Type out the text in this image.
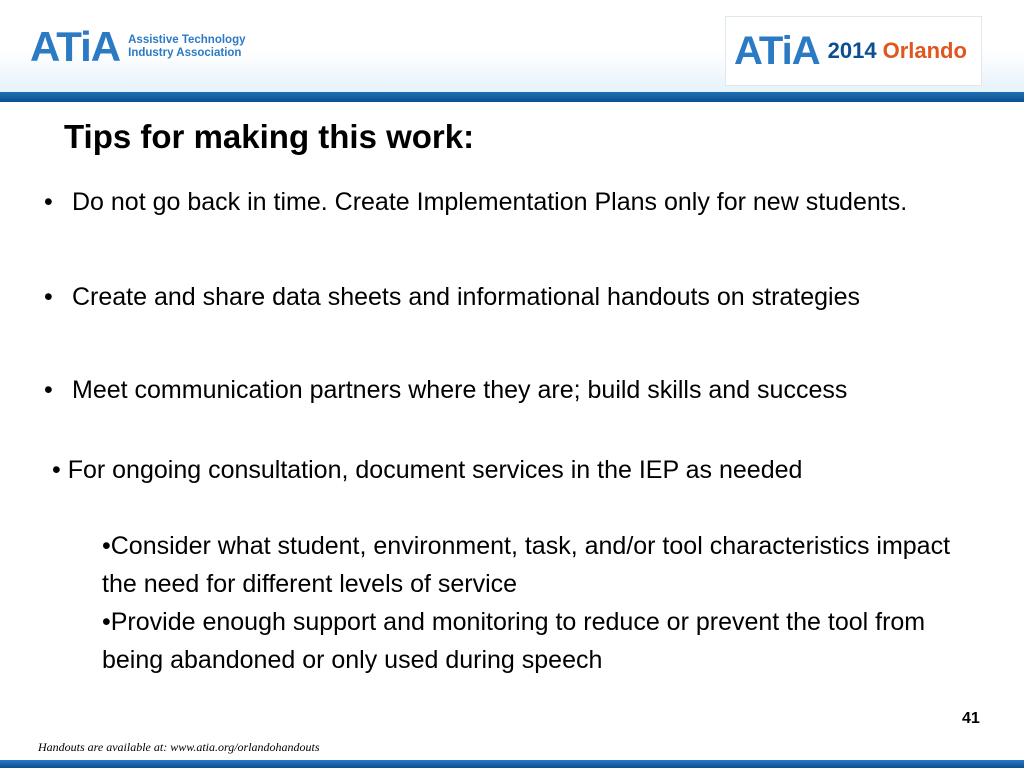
ATiA Assistive Technology
Industry Association	ATiA 2014 Orlando
Tips for making this work:
• Do not go back in time. Create Implementation Plans only for new students.
• Create and share data sheets and informational handouts on strategies
• Meet communication partners where they are; build skills and success
• For ongoing consultation, document services in the IEP as needed
•Consider what student, environment, task, and/or tool characteristics impact the need for different levels of service
•Provide enough support and monitoring to reduce or prevent the tool from being abandoned or only used during speech
41
Handouts are available at: www.atia.org/orlandohandouts
